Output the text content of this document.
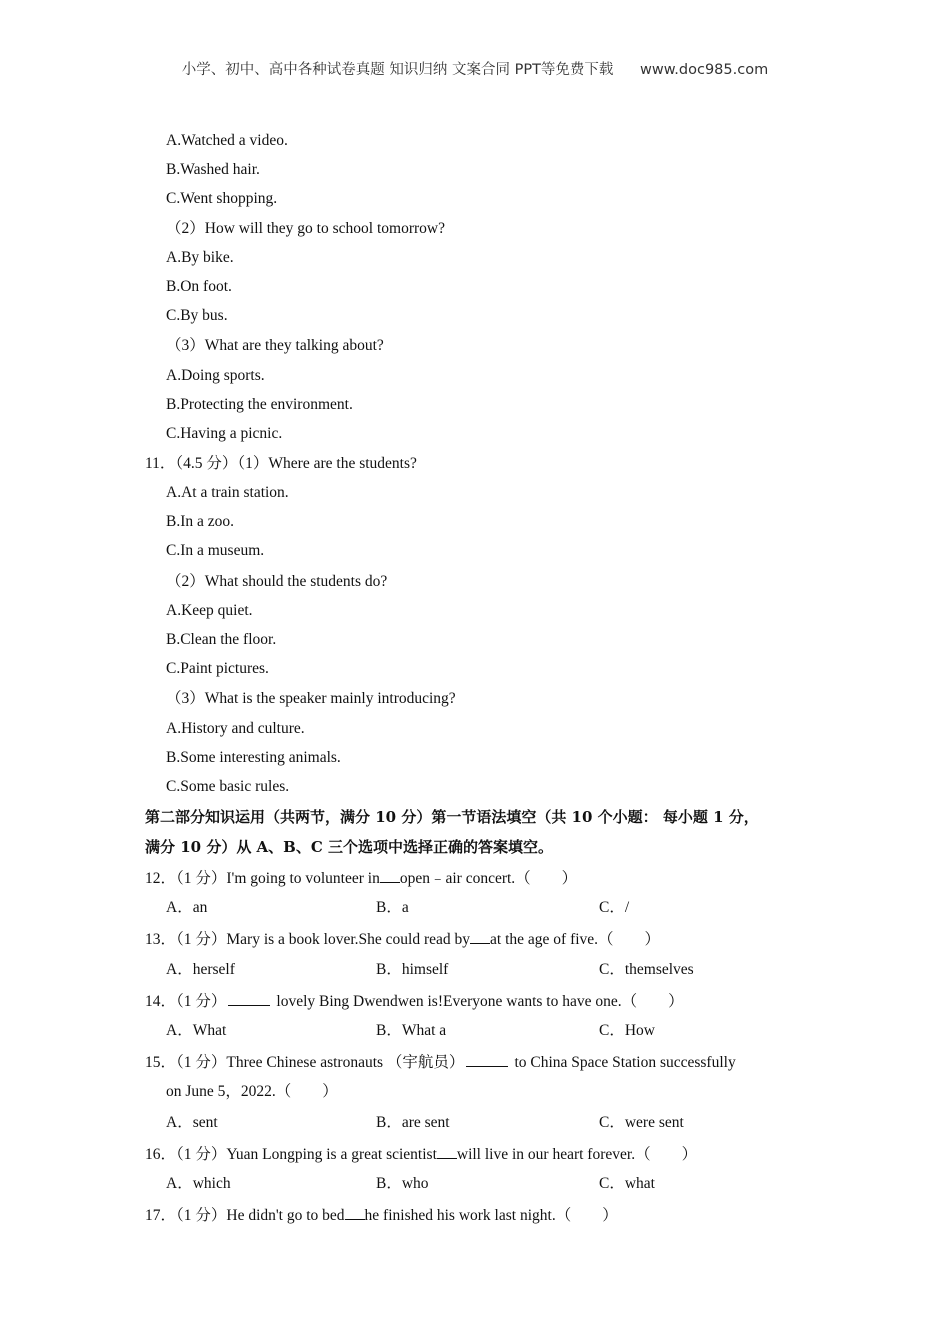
小学、初中、高中各种试卷真题 知识归纳 文案合同 PPT等免费下载 www.doc985.com
A.Watched a video.
B.Washed hair.
C.Went shopping.
（2）How will they go to school tomorrow?
A.By bike.
B.On foot.
C.By bus.
（3）What are they talking about?
A.Doing sports.
B.Protecting the environment.
C.Having a picnic.
11．（4.5 分）（1）Where are the students?
A.At a train station.
B.In a zoo.
C.In a museum.
（2）What should the students do?
A.Keep quiet.
B.Clean the floor.
C.Paint pictures.
（3）What is the speaker mainly introducing?
A.History and culture.
B.Some interesting animals.
C.Some basic rules.
第二部分知识运用（共两节，满分 10 分）第一节语法填空（共 10 个小题： 每小题 1 分，
满分 10 分）从 A、B、C 三个选项中选择正确的答案填空。
12．（1 分）I'm going to volunteer in open﹣air concert.（　　）
A．an	B．a	C．/
13．（1 分）Mary is a book lover.She could read by at the age of five.（　　）
A．herself	B．himself	C．themselves
14．（1 分）	lovely Bing Dwendwen is!Everyone wants to have one.（　　）
A．What	B．What a	C．How
15．（1 分）Three Chinese astronauts （宇航员）	to China Space Station successfully
on June 5，2022.（　　）
A．sent	B．are sent	C．were sent
16．（1 分）Yuan Longping is a great scientist will live in our heart forever.（　　）
A．which	B．who	C．what
17．（1 分）He didn't go to bed he finished his work last night.（　　）
